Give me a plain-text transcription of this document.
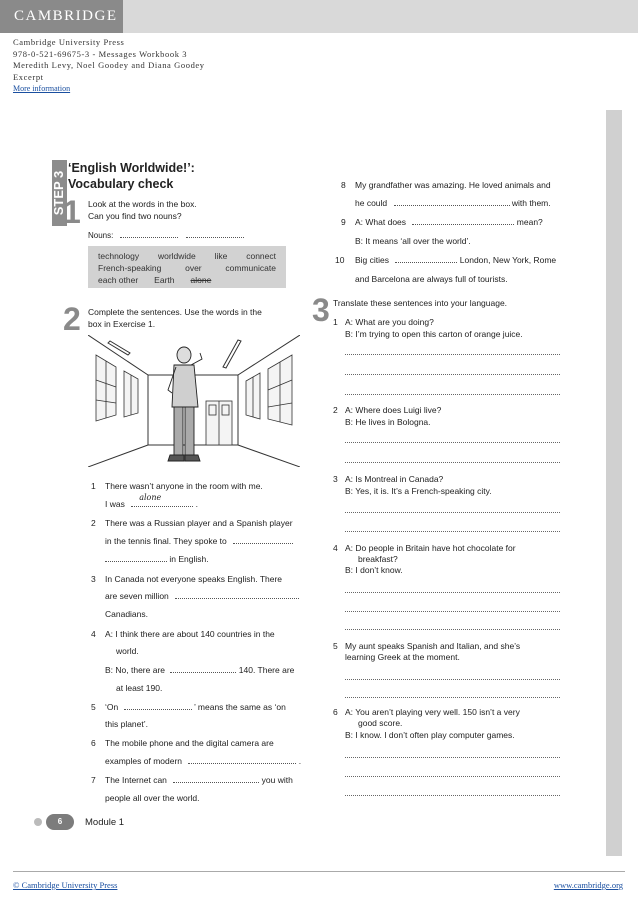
CAMBRIDGE
Cambridge University Press
978-0-521-69675-3 - Messages Workbook 3
Meredith Levy, Noel Goodey and Diana Goodey
Excerpt
More information
STEP 3
‘English Worldwide!’:
Vocabulary check
1 Look at the words in the box.
Can you find two nouns?
Nouns:
technology worldwide like connect
French-speaking	over	communicate
each other Earth alone
2 Complete the sentences. Use the words in the
box in Exercise 1.
1 There wasn’t anyone in the room with me.
I was
alone
.
2 There was a Russian player and a Spanish player
in the tennis final. They spoke to
in English.
3 In Canada not everyone speaks English. There
are seven million
Canadians.
4 A: I think there are about 140 countries in the
world.
B: No, there are	140. There are
at least 190.
5 ‘On	’ means the same as ‘on
this planet’.
6 The mobile phone and the digital camera are
examples of modern	.
7 The Internet can	you with
people all over the world.
8 My grandfather was amazing. He loved animals and
he could	with them.
9 A: What does	mean?
B: It means ‘all over the world’.
10 Big cities	London, New York, Rome
and Barcelona are always full of tourists.
3 Translate these sentences into your language.
1 A: What are you doing?
B: I’m trying to open this carton of orange juice.
2 A: Where does Luigi live?
B: He lives in Bologna.
3 A: Is Montreal in Canada?
B: Yes, it is. It’s a French-speaking city.
4 A: Do people in Britain have hot chocolate for
breakfast?
B: I don’t know.
5 My aunt speaks Spanish and Italian, and she’s
learning Greek at the moment.
6 A: You aren’t playing very well. 150 isn’t a very
good score.
B: I know. I don’t often play computer games.
6	Module 1
© Cambridge University Press	www.cambridge.org
